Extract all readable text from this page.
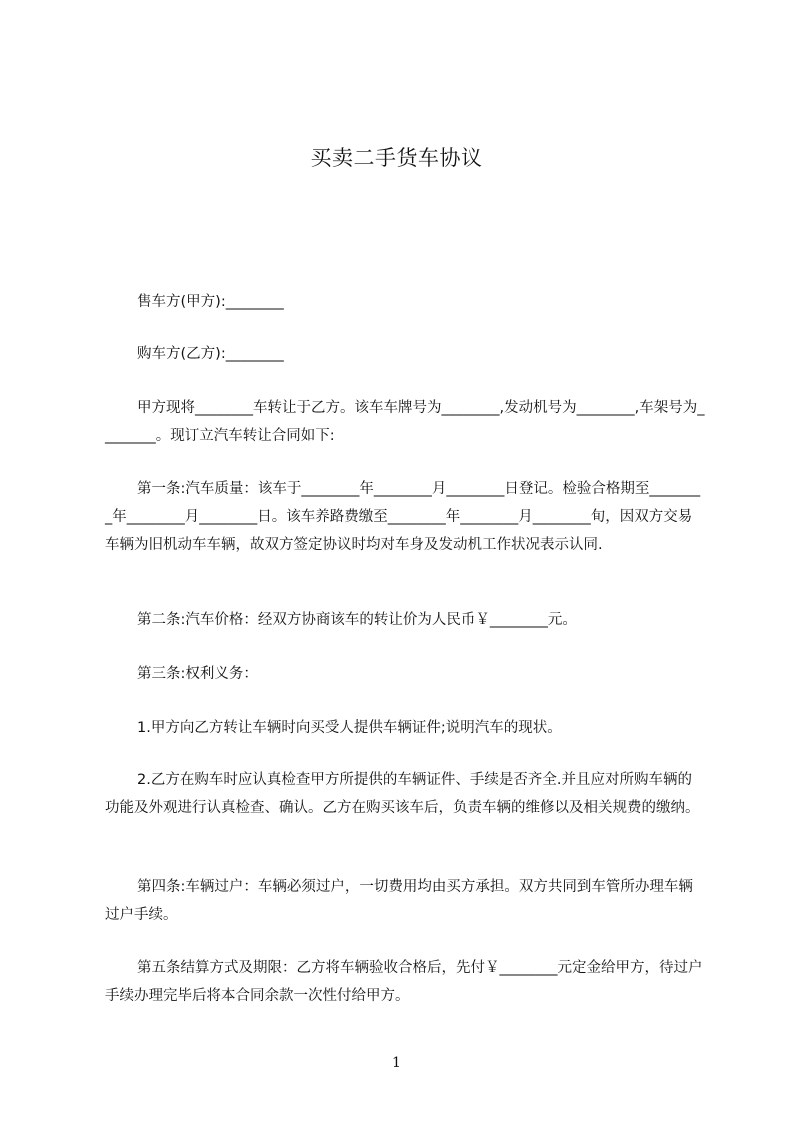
买卖二手货车协议
售车方(甲方):________
购车方(乙方):________
甲方现将________车转让于乙方。该车车牌号为________,发动机号为________,车架号为________。现订立汽车转让合同如下:
第一条:汽车质量：该车于________年________月________日登记。检验合格期至________年________月________日。该车养路费缴至________年________月________旬，因双方交易车辆为旧机动车车辆，故双方签定协议时均对车身及发动机工作状况表示认同.
第二条:汽车价格：经双方协商该车的转让价为人民币￥________元。
第三条:权利义务：
1.甲方向乙方转让车辆时向买受人提供车辆证件;说明汽车的现状。
2.乙方在购车时应认真检查甲方所提供的车辆证件、手续是否齐全.并且应对所购车辆的功能及外观进行认真检查、确认。乙方在购买该车后，负责车辆的维修以及相关规费的缴纳。
第四条:车辆过户：车辆必须过户，一切费用均由买方承担。双方共同到车管所办理车辆过户手续。
第五条结算方式及期限：乙方将车辆验收合格后，先付￥________元定金给甲方，待过户手续办理完毕后将本合同余款一次性付给甲方。
1
